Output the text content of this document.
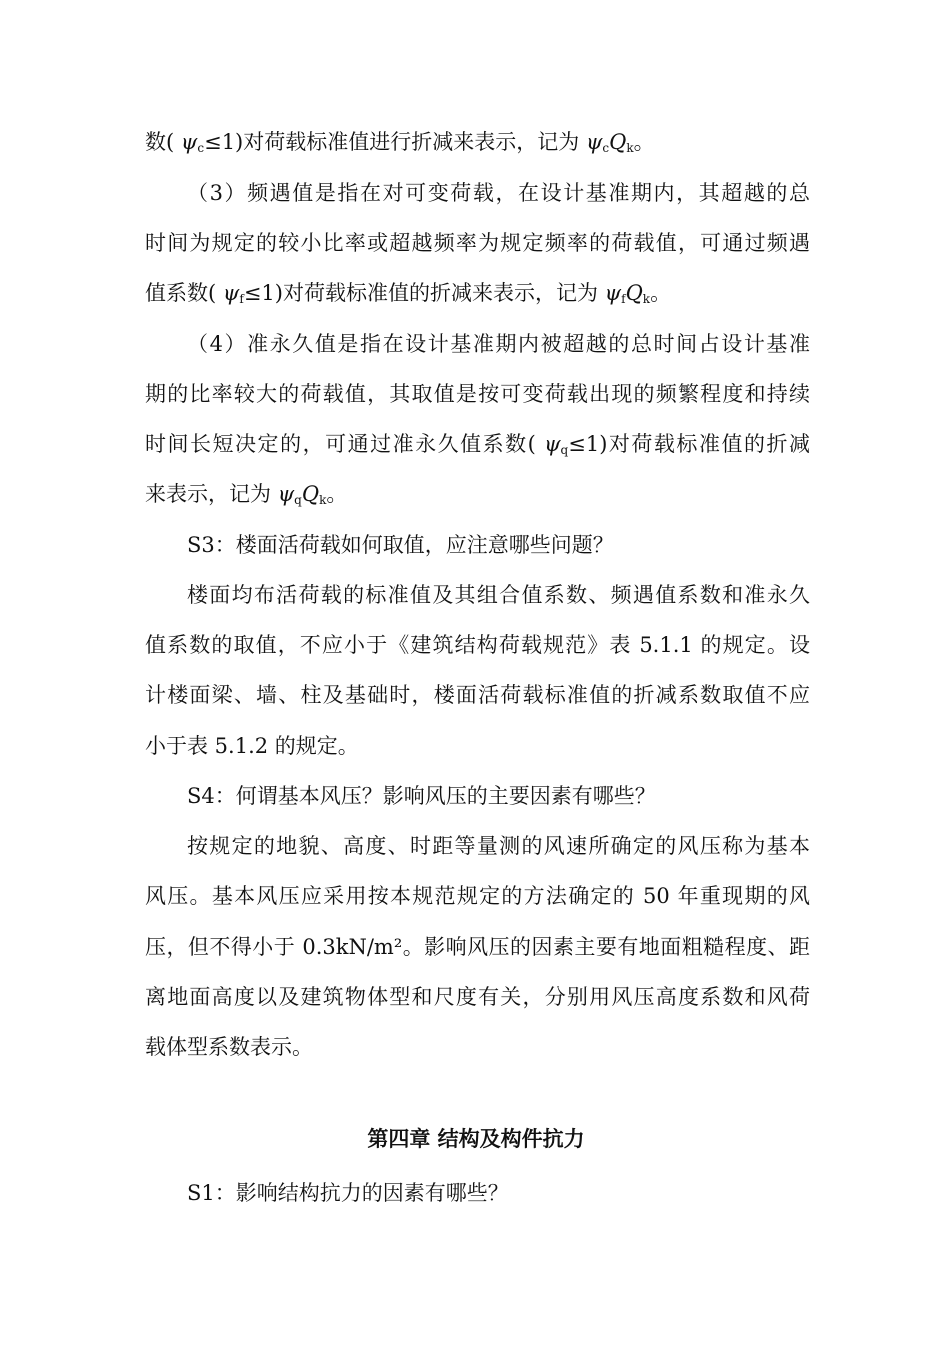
数( $\psi_c\le 1$)对荷载标准值进行折减来表示，记为 $\psi_cQ_k$。
（3）频遇值是指在对可变荷载，在设计基准期内，其超越的总
时间为规定的较小比率或超越频率为规定频率的荷载值，可通过频遇
值系数( $\psi_f\le 1$)对荷载标准值的折减来表示，记为 $\psi_fQ_k$。
（4）准永久值是指在设计基准期内被超越的总时间占设计基准
期的比率较大的荷载值，其取值是按可变荷载出现的频繁程度和持续
时间长短决定的，可通过准永久值系数( $\psi_q\le 1$)对荷载标准值的折减
来表示，记为 $\psi_qQ_k$。
S3：楼面活荷载如何取值，应注意哪些问题？
楼面均布活荷载的标准值及其组合值系数、频遇值系数和准永久
值系数的取值，不应小于《建筑结构荷载规范》表 5.1.1 的规定。设
计楼面梁、墙、柱及基础时，楼面活荷载标准值的折减系数取值不应
小于表 5.1.2 的规定。
S4：何谓基本风压？影响风压的主要因素有哪些？
按规定的地貌、高度、时距等量测的风速所确定的风压称为基本
风压。基本风压应采用按本规范规定的方法确定的 50 年重现期的风
压，但不得小于 0.3kN/m²。影响风压的因素主要有地面粗糙程度、距
离地面高度以及建筑物体型和尺度有关，分别用风压高度系数和风荷
载体型系数表示。
第四章 结构及构件抗力
S1：影响结构抗力的因素有哪些？
